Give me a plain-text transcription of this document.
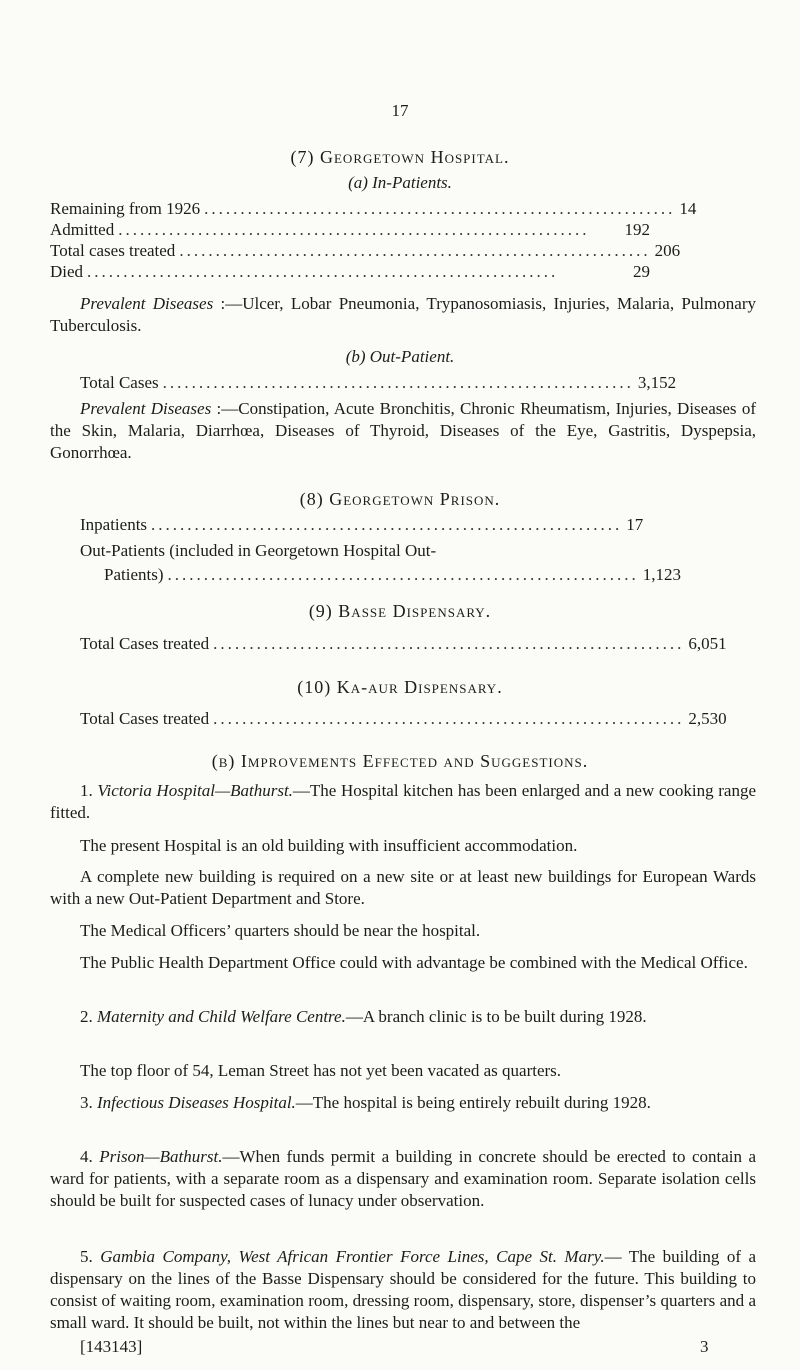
17
(7) Georgetown Hospital.
(a) In-Patients.
Remaining from 1926 ................................................................. 14
Admitted .................................................................	192
Total cases treated ................................................................. 206
Died .................................................................	29
Prevalent Diseases :—Ulcer, Lobar Pneumonia, Trypanosomiasis, Injuries, Malaria, Pulmonary Tuberculosis.
(b) Out-Patient.
Total Cases ................................................................. 3,152
Prevalent Diseases :—Constipation, Acute Bronchitis, Chronic Rheumatism, Injuries, Diseases of the Skin, Malaria, Diarrhœa, Diseases of Thyroid, Diseases of the Eye, Gastritis, Dyspepsia, Gonorrhœa.
(8) Georgetown Prison.
Inpatients ................................................................. 17
Out-Patients (included in Georgetown Hospital Out-
Patients) ................................................................. 1,123
(9) Basse Dispensary.
Total Cases treated ................................................................. 6,051
(10) Ka-aur Dispensary.
Total Cases treated ................................................................. 2,530
(b) Improvements Effected and Suggestions.
1. Victoria Hospital—Bathurst.—The Hospital kitchen has been enlarged and a new cooking range fitted.
The present Hospital is an old building with insufficient accommodation.
A complete new building is required on a new site or at least new buildings for European Wards with a new Out-Patient Department and Store.
The Medical Officers’ quarters should be near the hospital.
The Public Health Department Office could with advantage be combined with the Medical Office.
2. Maternity and Child Welfare Centre.—A branch clinic is to be built during 1928.
The top floor of 54, Leman Street has not yet been vacated as quarters.
3. Infectious Diseases Hospital.—The hospital is being entirely rebuilt during 1928.
4. Prison—Bathurst.—When funds permit a building in concrete should be erected to contain a ward for patients, with a separate room as a dispensary and examination room. Separate isolation cells should be built for suspected cases of lunacy under observation.
5. Gambia Company, West African Frontier Force Lines, Cape St. Mary.— The building of a dispensary on the lines of the Basse Dispensary should be considered for the future. This building to consist of waiting room, examination room, dressing room, dispensary, store, dispenser’s quarters and a small ward. It should be built, not within the lines but near to and between the
[143143]	3
